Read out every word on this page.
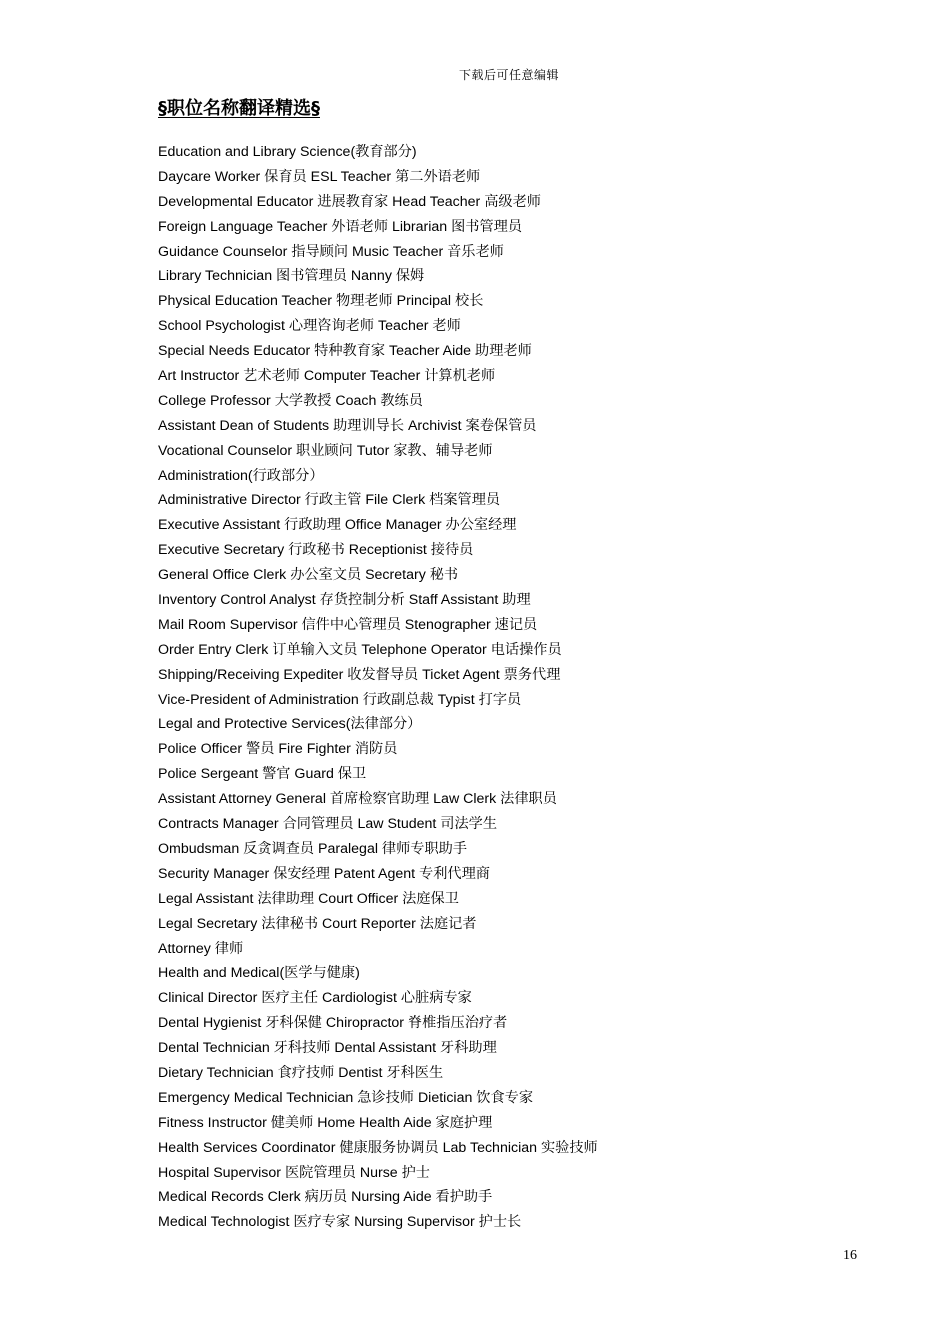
下载后可任意编辑
§职位名称翻译精选§
Education and Library Science(教育部分)
Daycare Worker 保育员 ESL Teacher 第二外语老师
Developmental Educator 进展教育家 Head Teacher 高级老师
Foreign Language Teacher 外语老师 Librarian 图书管理员
Guidance Counselor 指导顾问 Music Teacher 音乐老师
Library Technician 图书管理员 Nanny 保姆
Physical Education Teacher 物理老师 Principal 校长
School Psychologist 心理咨询老师 Teacher 老师
Special Needs Educator 特种教育家 Teacher Aide 助理老师
Art Instructor 艺术老师 Computer Teacher 计算机老师
College Professor 大学教授 Coach 教练员
Assistant Dean of Students 助理训导长 Archivist 案卷保管员
Vocational Counselor 职业顾问 Tutor 家教、辅导老师
Administration(行政部分）
Administrative Director 行政主管 File Clerk 档案管理员
Executive Assistant 行政助理 Office Manager 办公室经理
Executive Secretary 行政秘书 Receptionist 接待员
General Office Clerk 办公室文员 Secretary 秘书
Inventory Control Analyst 存货控制分析 Staff Assistant 助理
Mail Room Supervisor 信件中心管理员 Stenographer 速记员
Order Entry Clerk 订单输入文员 Telephone Operator 电话操作员
Shipping/Receiving Expediter 收发督导员 Ticket Agent 票务代理
Vice-President of Administration 行政副总裁 Typist 打字员
Legal and Protective Services(法律部分）
Police Officer 警员 Fire Fighter 消防员
Police Sergeant 警官 Guard 保卫
Assistant Attorney General 首席检察官助理 Law Clerk 法律职员
Contracts Manager 合同管理员 Law Student 司法学生
Ombudsman 反贪调查员 Paralegal 律师专职助手
Security Manager 保安经理 Patent Agent 专利代理商
Legal Assistant 法律助理 Court Officer 法庭保卫
Legal Secretary 法律秘书 Court Reporter 法庭记者
Attorney 律师
Health and Medical(医学与健康)
Clinical Director 医疗主任 Cardiologist 心脏病专家
Dental Hygienist 牙科保健 Chiropractor 脊椎指压治疗者
Dental Technician 牙科技师 Dental Assistant 牙科助理
Dietary Technician 食疗技师 Dentist 牙科医生
Emergency Medical Technician 急诊技师 Dietician 饮食专家
Fitness Instructor 健美师 Home Health Aide 家庭护理
Health Services Coordinator 健康服务协调员 Lab Technician 实验技师
Hospital Supervisor 医院管理员 Nurse 护士
Medical Records Clerk 病历员 Nursing Aide 看护助手
Medical Technologist 医疗专家 Nursing Supervisor 护士长
16
